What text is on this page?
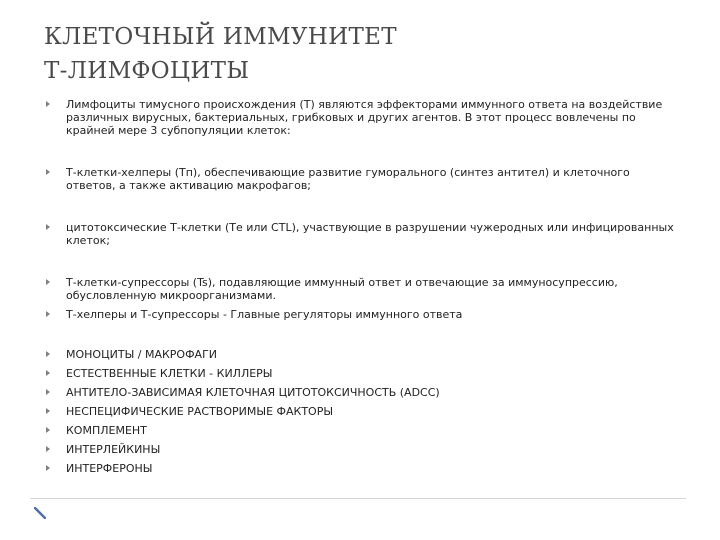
КЛЕТОЧНЫЙ ИММУНИТЕТ
Т-ЛИМФОЦИТЫ
Лимфоциты тимусного происхождения (Т) являются эффекторами иммунного ответа на воздействие различных вирусных, бактериальных, грибковых и других агентов. В этот процесс вовлечены по крайней мере 3 субпопуляции клеток:
Т-клетки-хелперы (Тп), обеспечивающие развитие гуморального (синтез антител) и клеточного ответов, а также активацию макрофагов;
цитотоксические Т-клетки (Те или CTL), участвующие в разрушении чужеродных или инфицированных клеток;
Т-клетки-супрессоры (Ts), подавляющие иммунный ответ и отвечающие за иммуносупрессию, обусловленную микроорганизмами.
Т-хелперы и Т-супрессоры - Главные регуляторы иммунного ответа
МОНОЦИТЫ / МАКРОФАГИ
ЕСТЕСТВЕННЫЕ КЛЕТКИ - КИЛЛЕРЫ
АНТИТЕЛО-ЗАВИСИМАЯ КЛЕТОЧНАЯ ЦИТОТОКСИЧНОСТЬ (ADCC)
НЕСПЕЦИФИЧЕСКИЕ РАСТВОРИМЫЕ ФАКТОРЫ
КОМПЛЕМЕНТ
ИНТЕРЛЕЙКИНЫ
ИНТЕРФЕРОНЫ
